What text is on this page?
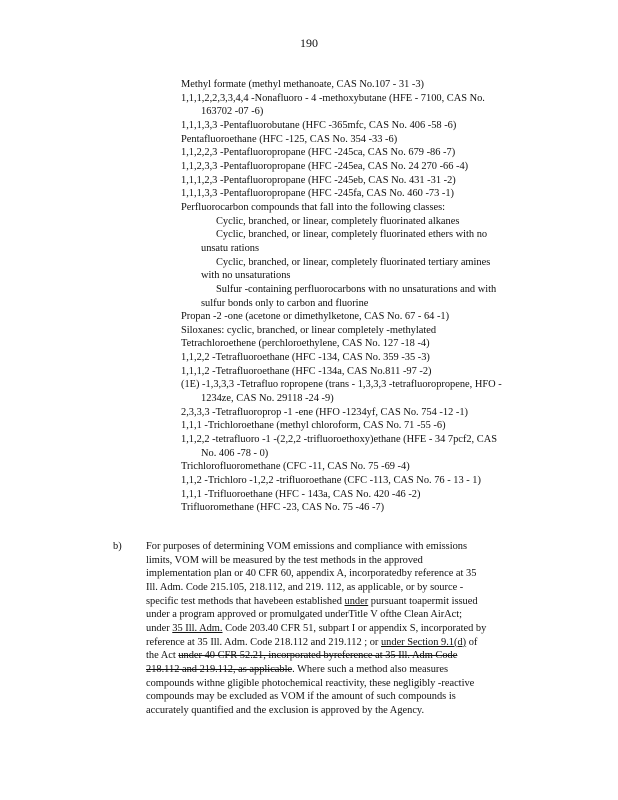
190
Methyl formate (methyl methanoate, CAS No.107 - 31 -3)
1,1,1,2,2,3,3,4,4 -Nonafluoro - 4 -methoxybutane (HFE - 7100, CAS No.
163702 -07 -6)
1,1,1,3,3 -Pentafluorobutane (HFC -365mfc, CAS No. 406 -58 -6)
Pentafluoroethane (HFC -125, CAS No. 354 -33 -6)
1,1,2,2,3 -Pentafluoropropane (HFC -245ca, CAS No. 679 -86 -7)
1,1,2,3,3 -Pentafluoropropane (HFC -245ea, CAS No. 24 270 -66 -4)
1,1,1,2,3 -Pentafluoropropane (HFC -245eb, CAS No. 431 -31 -2)
1,1,1,3,3 -Pentafluoropropane (HFC -245fa, CAS No. 460 -73 -1)
Perfluorocarbon compounds that fall into the following classes:
Cyclic, branched, or linear, completely fluorinated alkanes
Cyclic, branched, or linear, completely fluorinated ethers with no
unsatu rations
Cyclic, branched, or linear, completely fluorinated tertiary amines
with no unsaturations
Sulfur -containing perfluorocarbons with no unsaturations and with
sulfur bonds only to carbon and fluorine
Propan -2 -one (acetone or dimethylketone, CAS No. 67 - 64 -1)
Siloxanes: cyclic, branched, or linear completely -methylated
Tetrachloroethene (perchloroethylene, CAS No. 127 -18 -4)
1,1,2,2 -Tetrafluoroethane (HFC -134, CAS No. 359 -35 -3)
1,1,1,2 -Tetrafluoroethane (HFC -134a, CAS No.811 -97 -2)
(1E) -1,3,3,3 -Tetrafluo ropropene (trans - 1,3,3,3 -tetrafluoropropene, HFO -
1234ze, CAS No. 29118 -24 -9)
2,3,3,3 -Tetrafluoroprop -1 -ene (HFO -1234yf, CAS No. 754 -12 -1)
1,1,1 -Trichloroethane (methyl chloroform, CAS No. 71 -55 -6)
1,1,2,2 -tetrafluoro -1 -(2,2,2 -trifluoroethoxy)ethane (HFE - 34 7pcf2, CAS
No. 406 -78 - 0)
Trichlorofluoromethane (CFC -11, CAS No. 75 -69 -4)
1,1,2 -Trichloro -1,2,2 -trifluoroethane (CFC -113, CAS No. 76 - 13 - 1)
1,1,1 -Trifluoroethane (HFC - 143a, CAS No. 420 -46 -2)
Trifluoromethane (HFC -23, CAS No. 75 -46 -7)
b) For purposes of determining VOM emissions and compliance with emissions
limits, VOM will be measured by the test methods in the approved
implementation plan or 40 CFR 60, appendix A, incorporatedby reference at 35
Ill. Adm. Code 215.105, 218.112, and 219. 112, as applicable, or by source -
specific test methods that havebeen established under pursuant toapermit issued
under a program approved or promulgated underTitle V ofthe Clean AirAct;
under 35 Ill. Adm. Code 203.40 CFR 51, subpart I or appendix S, incorporated by
reference at 35 Ill. Adm. Code 218.112 and 219.112 ; or under Section 9.1(d) of
the Act under 40 CFR 52.21, incorporated byreference at 35 Ill. Adm Code
218.112 and 219.112, as applicable. Where such a method also measures
compounds withne gligible photochemical reactivity, these negligibly -reactive
compounds may be excluded as VOM if the amount of such compounds is
accurately quantified and the exclusion is approved by the Agency.
